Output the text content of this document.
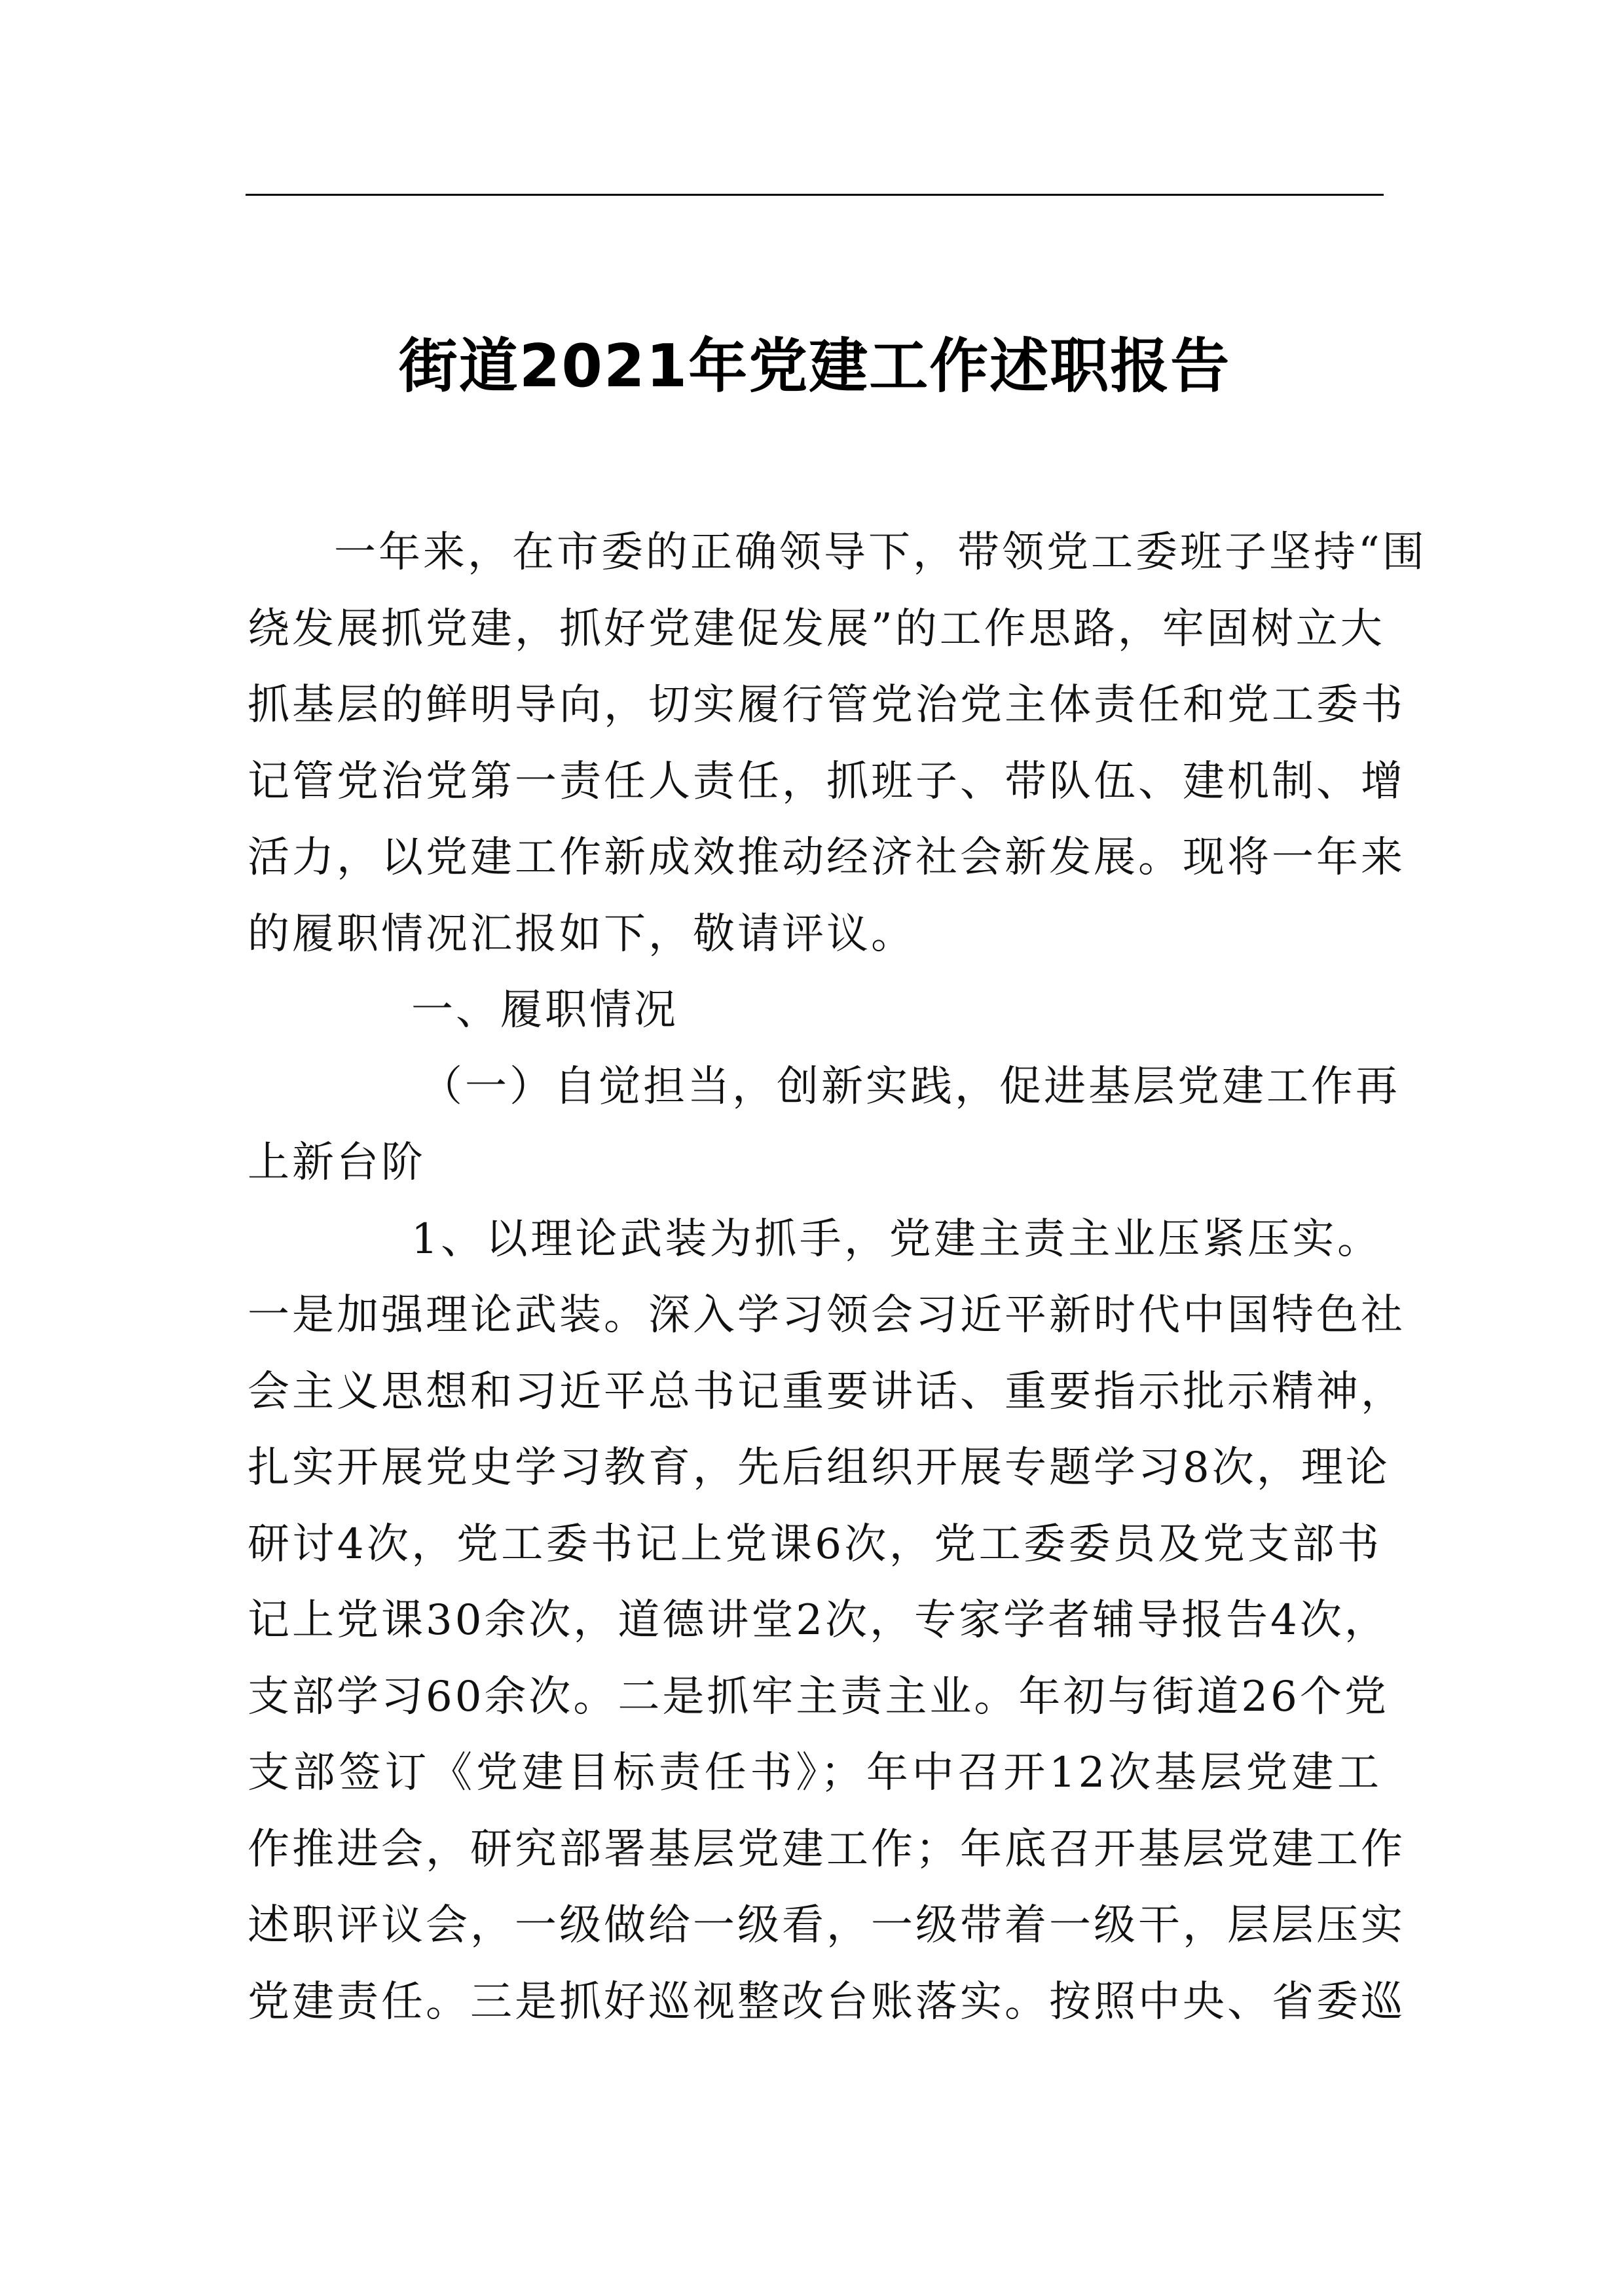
街道2021年党建工作述职报告
一年来，在市委的正确领导下，带领党工委班子坚持“围
绕发展抓党建，抓好党建促发展”的工作思路，牢固树立大
抓基层的鲜明导向，切实履行管党治党主体责任和党工委书
记管党治党第一责任人责任，抓班子、带队伍、建机制、增
活力，以党建工作新成效推动经济社会新发展。现将一年来
的履职情况汇报如下，敬请评议。
一、履职情况
（一）自觉担当，创新实践，促进基层党建工作再
上新台阶
1、以理论武装为抓手，党建主责主业压紧压实。
一是加强理论武装。深入学习领会习近平新时代中国特色社
会主义思想和习近平总书记重要讲话、重要指示批示精神，
扎实开展党史学习教育，先后组织开展专题学习8次，理论
研讨4次，党工委书记上党课6次，党工委委员及党支部书
记上党课30余次，道德讲堂2次，专家学者辅导报告4次，
支部学习60余次。二是抓牢主责主业。年初与街道26个党
支部签订《党建目标责任书》；年中召开12次基层党建工
作推进会，研究部署基层党建工作；年底召开基层党建工作
述职评议会，一级做给一级看，一级带着一级干，层层压实
党建责任。三是抓好巡视整改台账落实。按照中央、省委巡
